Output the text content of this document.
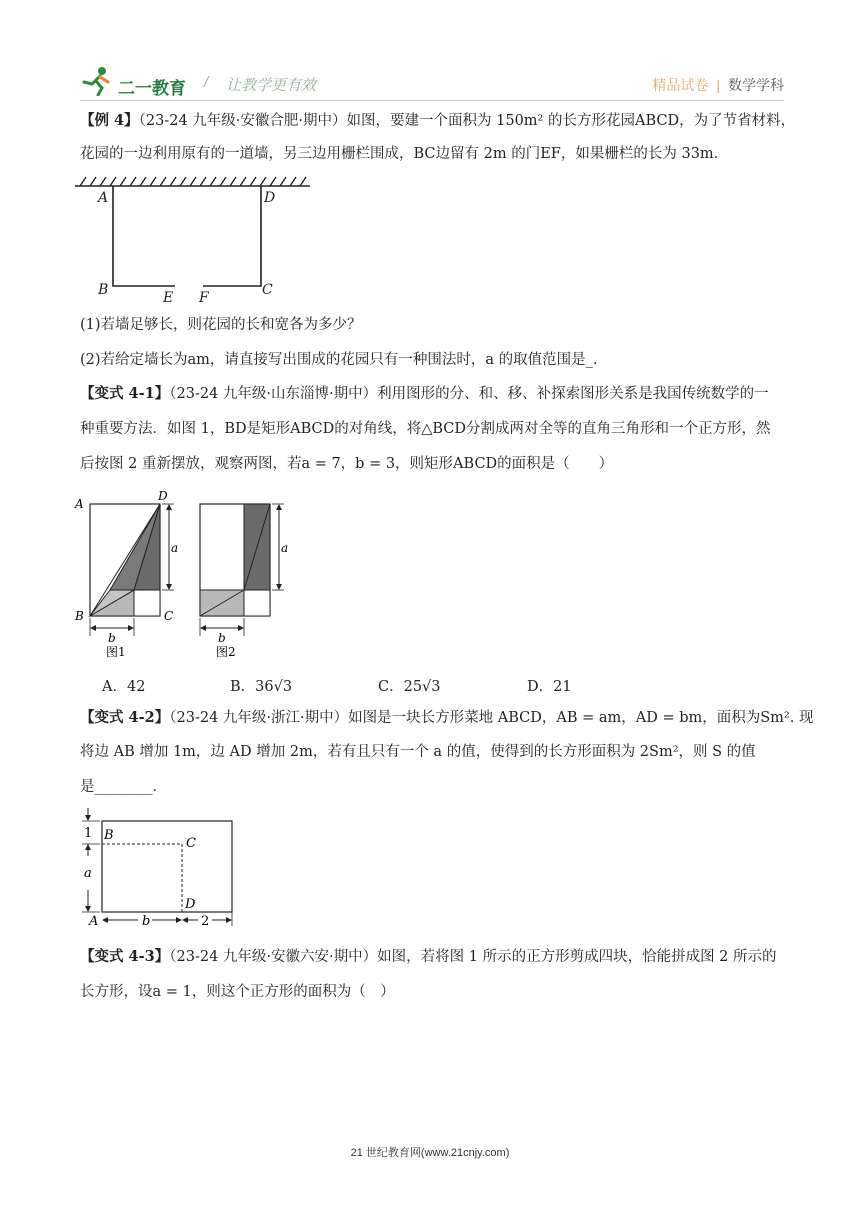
二一教育 / 让教学更有效	精品试卷 | 数学学科
【例 4】（23-24 九年级·安徽合肥·期中）如图，要建一个面积为 150m² 的长方形花园ABCD，为了节省材料，
花园的一边利用原有的一道墙，另三边用栅栏围成，BC边留有 2m 的门EF，如果栅栏的长为 33m．
A	D
B	E F	C
(1)若墙足够长，则花园的长和宽各为多少？
(2)若给定墙长为am，请直接写出围成的花园只有一种围法时，a 的取值范围是_.
【变式 4-1】（23-24 九年级·山东淄博·期中）利用图形的分、和、移、补探索图形关系是我国传统数学的一
种重要方法．如图 1，BD是矩形ABCD的对角线，将△BCD分割成两对全等的直角三角形和一个正方形，然
后按图 2 重新摆放，观察两图，若a = 7，b = 3，则矩形ABCD的面积是（　　）
A
D
a
B	C
b
图1
a
b
图2
A．42	B．36√3	C．25√3	D．21
【变式 4-2】（23-24 九年级·浙江·期中）如图是一块长方形菜地 ABCD，AB = am，AD = bm，面积为Sm². 现
将边 AB 增加 1m，边 AD 增加 2m，若有且只有一个 a 的值，使得到的长方形面积为 2Sm²，则 S 的值
是________．
1 B
C
a
D
A	b	2
【变式 4-3】（23-24 九年级·安徽六安·期中）如图，若将图 1 所示的正方形剪成四块，恰能拼成图 2 所示的
长方形，设a = 1，则这个正方形的面积为（　）
21 世纪教育网(www.21cnjy.com)
